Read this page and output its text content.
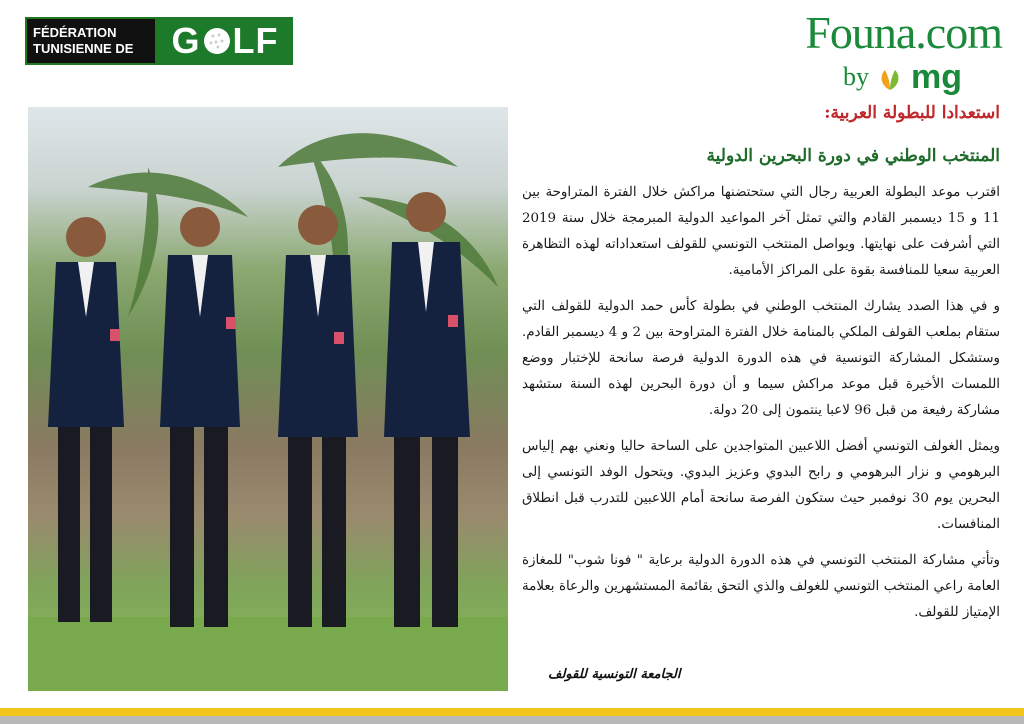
FÉDÉRATION
TUNISIENNE DE	G LF	Founa.com
by mg
استعدادا للبطولة العربية:
المنتخب الوطني في دورة البحرين الدولية

اقترب موعد البطولة العربية رجال التي ستحتضنها مراكش خلال الفترة المتراوحة بين 11 و 15 ديسمبر القادم والتي تمثل آخر المواعيد الدولية المبرمجة خلال سنة 2019 التي أشرفت على نهايتها. ويواصل المنتخب التونسي للقولف استعداداته لهذه التظاهرة العربية سعيا للمنافسة بقوة على المراكز الأمامية.

و في هذا الصدد يشارك المنتخب الوطني في بطولة كأس حمد الدولية للقولف التي ستقام بملعب القولف الملكي بالمنامة خلال الفترة المتراوحة بين 2 و 4 ديسمبر القادم. وستشكل المشاركة التونسية في هذه الدورة الدولية فرصة سانحة للإختبار ووضع اللمسات الأخيرة قبل موعد مراكش سيما و أن دورة البحرين لهذه السنة ستشهد مشاركة رفيعة من قبل 96 لاعبا ينتمون إلى 20 دولة.

ويمثل الغولف التونسي أفضل اللاعبين المتواجدين على الساحة حاليا ونعني بهم إلياس البرهومي و نزار البرهومي و رابح البدوي وعزيز البدوي. ويتحول الوفد التونسي إلى البحرين يوم 30 نوفمبر حيث ستكون الفرصة سانحة أمام اللاعبين للتدرب قبل انطلاق المنافسات.

وتأتي مشاركة المنتخب التونسي في هذه الدورة الدولية برعاية " فونا شوب" للمغازة العامة راعي المنتخب التونسي للغولف والذي التحق بقائمة المستشهرين والرعاة بعلامة الإمتياز للقولف.

الجامعة التونسية للقولف
